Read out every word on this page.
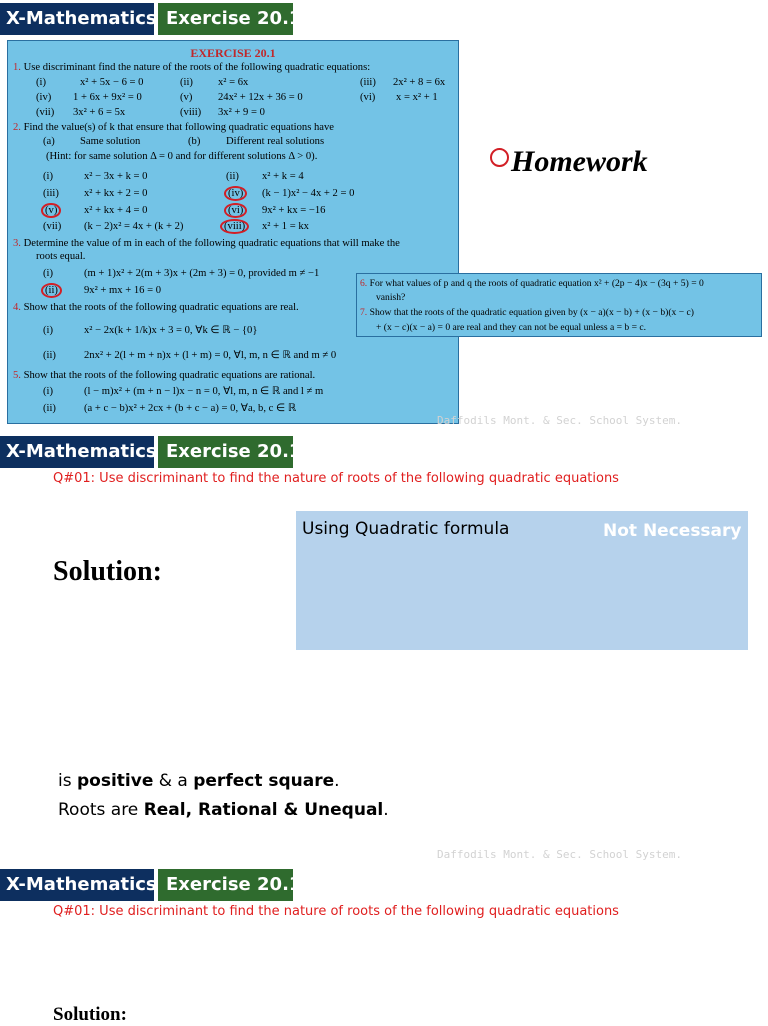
X-Mathematics Exercise 20.1
EXERCISE 20.1
1. Use discriminant find the nature of the roots of the following quadratic equations:
(i)	x² + 5x − 6 = 0	(ii) x² = 6x	(iii) 2x² + 8 = 6x
(iv) 1 + 6x + 9x² = 0	(v) 24x² + 12x + 36 = 0	(vi) x = x² + 1
(vii) 3x² + 6 = 5x	(viii) 3x² + 9 = 0
2. Find the value(s) of k that ensure that following quadratic equations have
(a) Same solution	(b) Different real solutions
(Hint: for same solution Δ = 0 and for different solutions Δ > 0).
(i)	x² − 3x + k = 0	(ii) x² + k = 4
(iii) x² + kx + 2 = 0	(iv)	(k − 1)x² − 4x + 2 = 0
(v)	x² + kx + 4 = 0	(vi)	9x² + kx = −16
(vii) (k − 2)x² = 4x + (k + 2)	(viii)	x² + 1 = kx
3. Determine the value of m in each of the following quadratic equations that will make the
roots equal.
(i)	(m + 1)x² + 2(m + 3)x + (2m + 3) = 0, provided m ≠ −1
(ii)	9x² + mx + 16 = 0
4. Show that the roots of the following quadratic equations are real.
(i)	x² − 2x(k + 1/k)x + 3 = 0, ∀k ∈ ℝ − {0}
(ii)	2nx² + 2(l + m + n)x + (l + m) = 0, ∀l, m, n ∈ ℝ and m ≠ 0
5. Show that the roots of the following quadratic equations are rational.
(i)	(l − m)x² + (m + n − l)x − n = 0, ∀l, m, n ∈ ℝ and l ≠ m
(ii)	(a + c − b)x² + 2cx + (b + c − a) = 0, ∀a, b, c ∈ ℝ
6. For what values of p and q the roots of quadratic equation x² + (2p − 4)x − (3q + 5) = 0
vanish?
7. Show that the roots of the quadratic equation given by (x − a)(x − b) + (x − b)(x − c)
+ (x − c)(x − a) = 0 are real and they can not be equal unless a = b = c.
Homework
Daffodils Mont. & Sec. School System.
X-Mathematics Exercise 20.1
Q#01: Use discriminant to find the nature of roots of the following quadratic equations
Solution:
Using Quadratic formula	Not Necessary
is positive & a perfect square.
Roots are Real, Rational & Unequal.
Daffodils Mont. & Sec. School System.
X-Mathematics Exercise 20.1
Q#01: Use discriminant to find the nature of roots of the following quadratic equations
Solution:
